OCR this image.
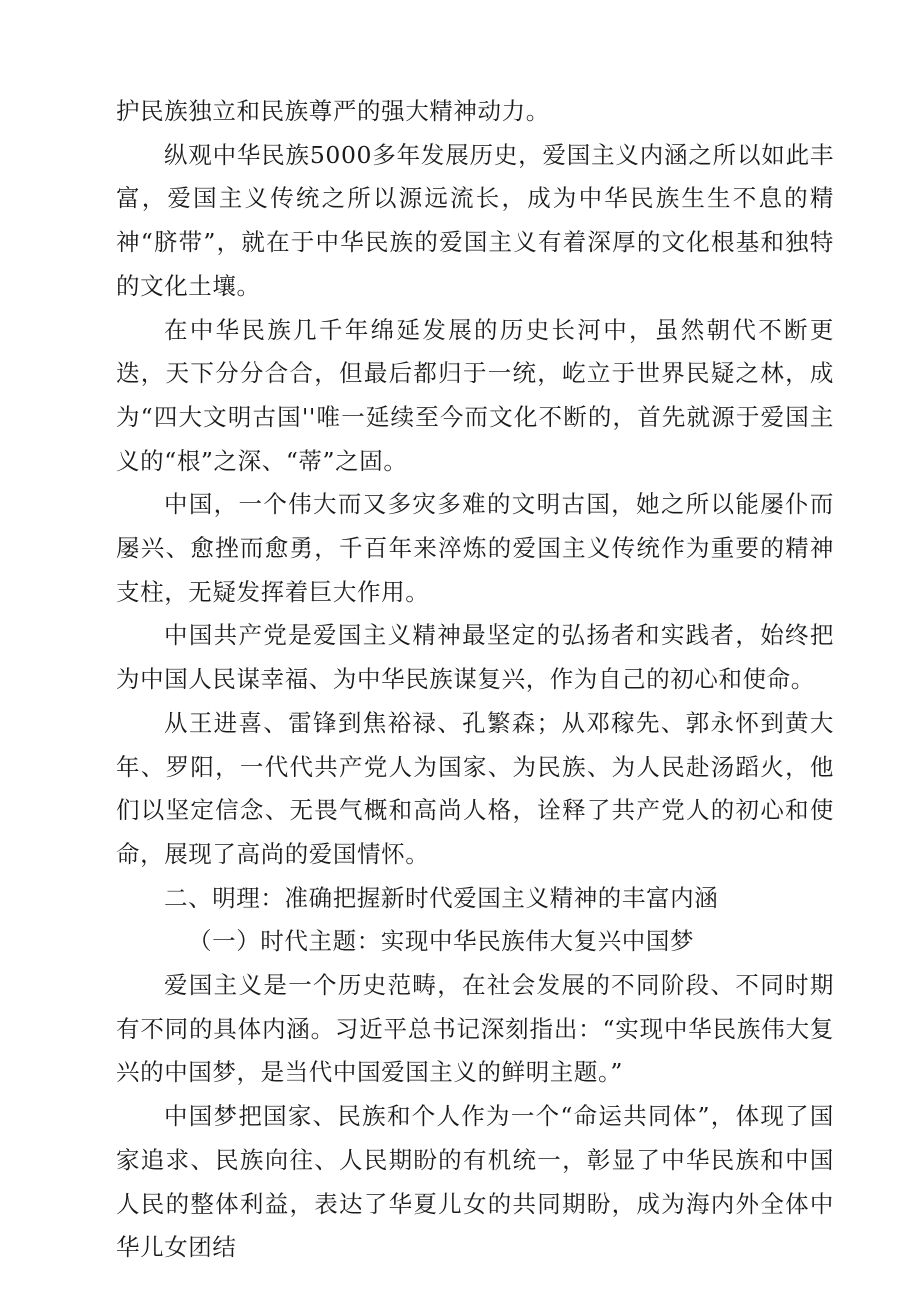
护民族独立和民族尊严的强大精神动力。

纵观中华民族5000多年发展历史，爱国主义内涵之所以如此丰富，爱国主义传统之所以源远流长，成为中华民族生生不息的精神“脐带”，就在于中华民族的爱国主义有着深厚的文化根基和独特的文化土壤。

在中华民族几千年绵延发展的历史长河中，虽然朝代不断更迭，天下分分合合，但最后都归于一统，屹立于世界民疑之林，成为“四大文明古国''唯一延续至今而文化不断的，首先就源于爱国主义的“根”之深、“蒂”之固。

中国，一个伟大而又多灾多难的文明古国，她之所以能屡仆而屡兴、愈挫而愈勇，千百年来淬炼的爱国主义传统作为重要的精神支柱，无疑发挥着巨大作用。

中国共产党是爱国主义精神最坚定的弘扬者和实践者，始终把为中国人民谋幸福、为中华民族谋复兴，作为自己的初心和使命。

从王进喜、雷锋到焦裕禄、孔繁森；从邓稼先、郭永怀到黄大年、罗阳，一代代共产党人为国家、为民族、为人民赴汤蹈火，他们以坚定信念、无畏气概和高尚人格，诠释了共产党人的初心和使命，展现了高尚的爱国情怀。

二、明理：准确把握新时代爱国主义精神的丰富内涵

（一）时代主题：实现中华民族伟大复兴中国梦

爱国主义是一个历史范畴，在社会发展的不同阶段、不同时期有不同的具体内涵。习近平总书记深刻指出：“实现中华民族伟大复兴的中国梦，是当代中国爱国主义的鲜明主题。”

中国梦把国家、民族和个人作为一个“命运共同体”，体现了国家追求、民族向往、人民期盼的有机统一，彰显了中华民族和中国人民的整体利益，表达了华夏儿女的共同期盼，成为海内外全体中华儿女团结
